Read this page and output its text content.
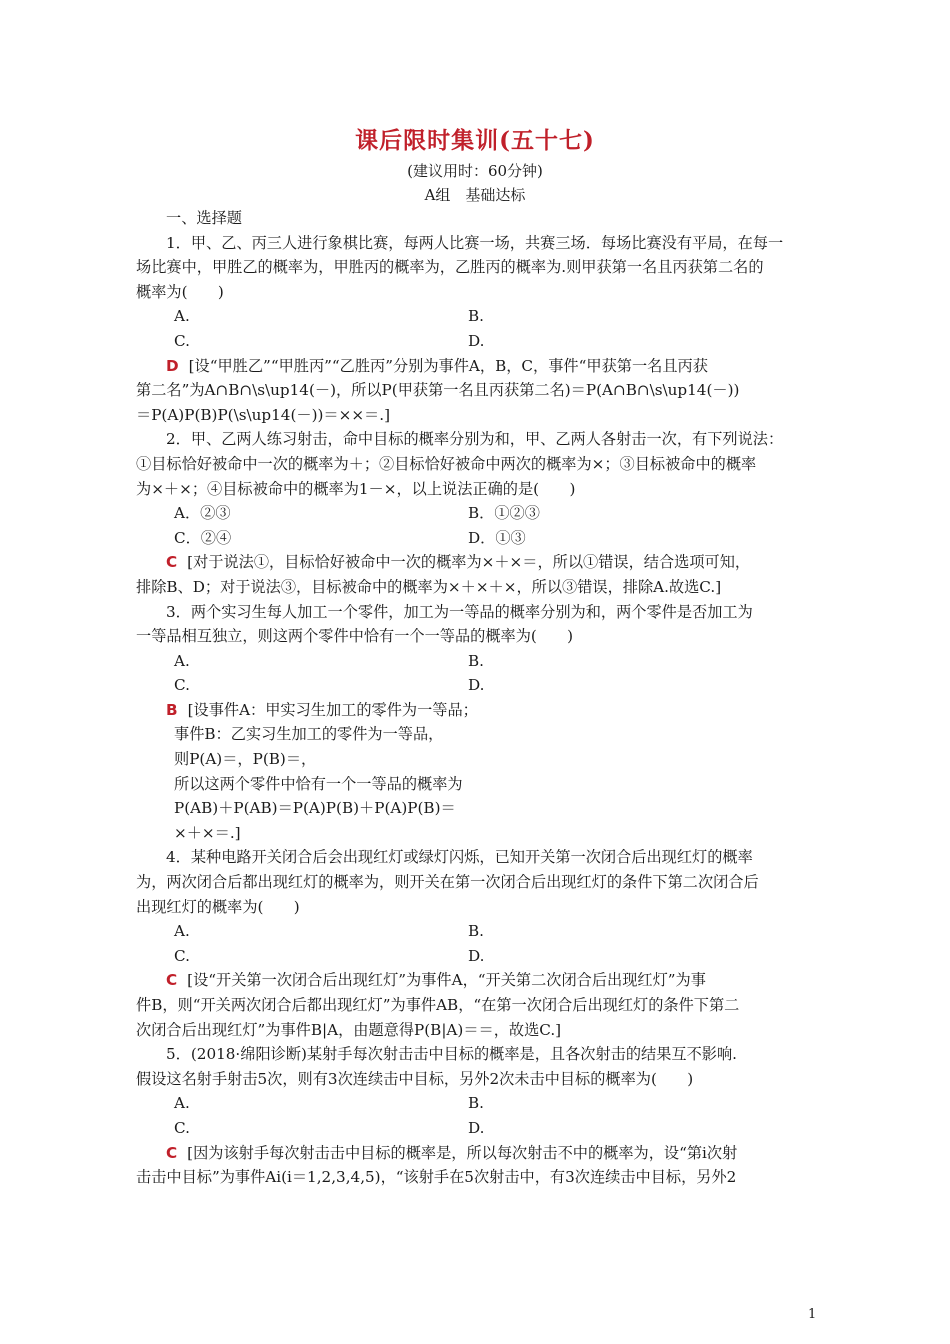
课后限时集训(五十七)
(建议用时：60分钟)
A组　基础达标
一、选择题
1．甲、乙、丙三人进行象棋比赛，每两人比赛一场，共赛三场．每场比赛没有平局，在每一
场比赛中，甲胜乙的概率为，甲胜丙的概率为，乙胜丙的概率为.则甲获第一名且丙获第二名的
概率为(　　)
A.	B.
C.	D.
D [设“甲胜乙”“甲胜丙”“乙胜丙”分别为事件A，B，C，事件“甲获第一名且丙获
第二名”为A∩B∩\s\up14(－)，所以P(甲获第一名且丙获第二名)＝P(A∩B∩\s\up14(－))
＝P(A)P(B)P(\s\up14(－))＝××＝.]
2．甲、乙两人练习射击，命中目标的概率分别为和，甲、乙两人各射击一次，有下列说法：
①目标恰好被命中一次的概率为＋；②目标恰好被命中两次的概率为×；③目标被命中的概率
为×＋×；④目标被命中的概率为1－×，以上说法正确的是(　　)
A．②③	B．①②③
C．②④	D．①③
C [对于说法①，目标恰好被命中一次的概率为×＋×＝，所以①错误，结合选项可知，
排除B、D；对于说法③，目标被命中的概率为×＋×＋×，所以③错误，排除A.故选C.]
3．两个实习生每人加工一个零件，加工为一等品的概率分别为和，两个零件是否加工为
一等品相互独立，则这两个零件中恰有一个一等品的概率为(　　)
A.	B.
C.	D.
B [设事件A：甲实习生加工的零件为一等品；
事件B：乙实习生加工的零件为一等品，
则P(A)＝，P(B)＝，
所以这两个零件中恰有一个一等品的概率为
P(AB)＋P(AB)＝P(A)P(B)＋P(A)P(B)＝
×＋×＝.]
4．某种电路开关闭合后会出现红灯或绿灯闪烁，已知开关第一次闭合后出现红灯的概率
为，两次闭合后都出现红灯的概率为，则开关在第一次闭合后出现红灯的条件下第二次闭合后
出现红灯的概率为(　　)
A.	B.
C.	D.
C [设“开关第一次闭合后出现红灯”为事件A，“开关第二次闭合后出现红灯”为事
件B，则“开关两次闭合后都出现红灯”为事件AB，“在第一次闭合后出现红灯的条件下第二
次闭合后出现红灯”为事件B|A，由题意得P(B|A)＝＝，故选C.]
5．(2018·绵阳诊断)某射手每次射击击中目标的概率是，且各次射击的结果互不影响.
假设这名射手射击5次，则有3次连续击中目标，另外2次未击中目标的概率为(　　)
A.	B.
C.	D.
C [因为该射手每次射击击中目标的概率是，所以每次射击不中的概率为，设“第i次射
击击中目标”为事件Ai(i＝1,2,3,4,5)，“该射手在5次射击中，有3次连续击中目标，另外2
1
